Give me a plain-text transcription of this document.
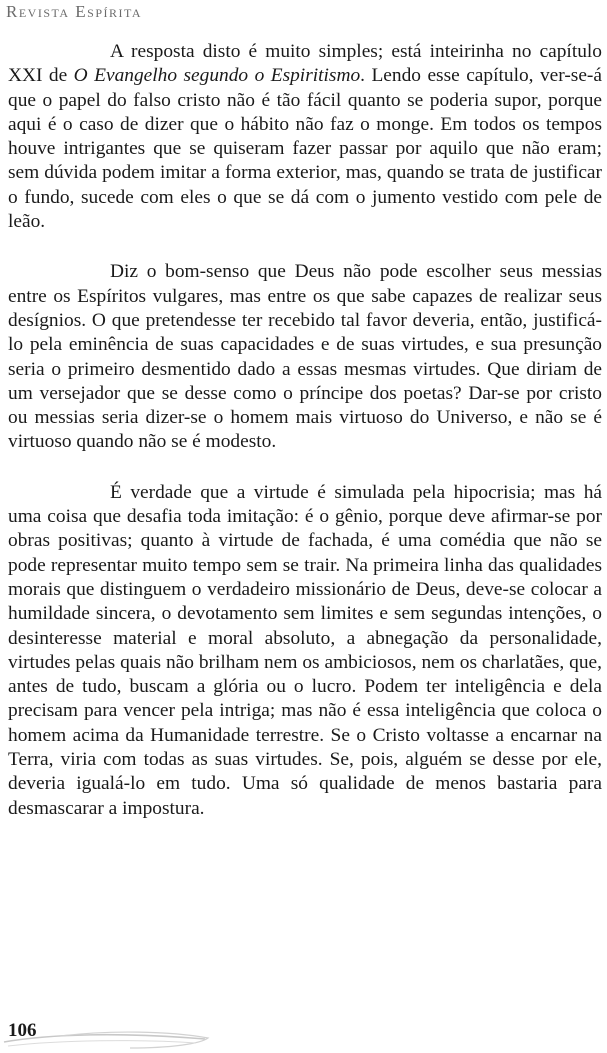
Revista Espírita

A resposta disto é muito simples; está inteirinha no capítulo XXI de O Evangelho segundo o Espiritismo. Lendo esse capítulo, ver-se-á que o papel do falso cristo não é tão fácil quanto se poderia supor, porque aqui é o caso de dizer que o hábito não faz o monge. Em todos os tempos houve intrigantes que se quiseram fazer passar por aquilo que não eram; sem dúvida podem imitar a forma exterior, mas, quando se trata de justificar o fundo, sucede com eles o que se dá com o jumento vestido com pele de leão.

Diz o bom-senso que Deus não pode escolher seus messias entre os Espíritos vulgares, mas entre os que sabe capazes de realizar seus desígnios. O que pretendesse ter recebido tal favor deveria, então, justificá-lo pela eminência de suas capacidades e de suas virtudes, e sua presunção seria o primeiro desmentido dado a essas mesmas virtudes. Que diriam de um versejador que se desse como o príncipe dos poetas? Dar-se por cristo ou messias seria dizer-se o homem mais virtuoso do Universo, e não se é virtuoso quando não se é modesto.

É verdade que a virtude é simulada pela hipocrisia; mas há uma coisa que desafia toda imitação: é o gênio, porque deve afirmar-se por obras positivas; quanto à virtude de fachada, é uma comédia que não se pode representar muito tempo sem se trair. Na primeira linha das qualidades morais que distinguem o verdadeiro missionário de Deus, deve-se colocar a humildade sincera, o devotamento sem limites e sem segundas intenções, o desinteresse material e moral absoluto, a abnegação da personalidade, virtudes pelas quais não brilham nem os ambiciosos, nem os charlatães, que, antes de tudo, buscam a glória ou o lucro. Podem ter inteligência e dela precisam para vencer pela intriga; mas não é essa inteligência que coloca o homem acima da Humanidade terrestre. Se o Cristo voltasse a encarnar na Terra, viria com todas as suas virtudes. Se, pois, alguém se desse por ele, deveria igualá-lo em tudo. Uma só qualidade de menos bastaria para desmascarar a impostura.

106
